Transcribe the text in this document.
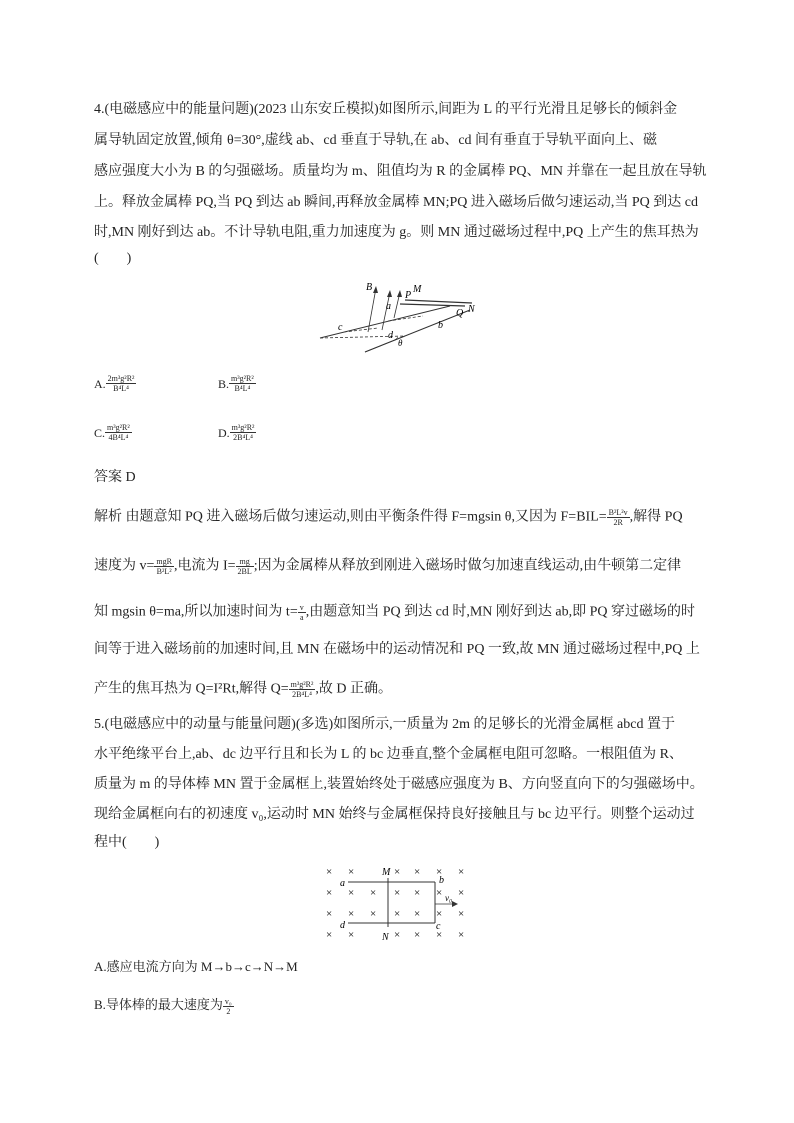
4.(电磁感应中的能量问题)(2023 山东安丘模拟)如图所示,间距为 L 的平行光滑且足够长的倾斜金
属导轨固定放置,倾角 θ=30°,虚线 ab、cd 垂直于导轨,在 ab、cd 间有垂直于导轨平面向上、磁
感应强度大小为 B 的匀强磁场。质量均为 m、阻值均为 R 的金属棒 PQ、MN 并靠在一起且放在导轨
上。释放金属棒 PQ,当 PQ 到达 ab 瞬间,再释放金属棒 MN;PQ 进入磁场后做匀速运动,当 PQ 到达 cd
时,MN 刚好到达 ab。不计导轨电阻,重力加速度为 g。则 MN 通过磁场过程中,PQ 上产生的焦耳热为
(　　)
B
P
M
Q N
a
b
c
d
θ
A. $\frac{\text{2m³g²R²}}{\text{B⁴L⁴}}$	B. $\frac{\text{m³g²R²}}{\text{B⁴L⁴}}$
C. $\frac{\text{m³g²R²}}{\text{4B⁴L⁴}}$	D. $\frac{\text{m³g²R²}}{\text{2B⁴L⁴}}$
答案 D
解析 由题意知 PQ 进入磁场后做匀速运动,则由平衡条件得 F=mgsin θ,又因为 $F=BIL= \frac{\text{B²L²v}}{2R}$ ,解得 PQ
速度为 $v= \frac{\text{mgR}}{\text{B²L²}}$ ,电流为 $I= \frac{mg}{2BL}$ ;因为金属棒从释放到刚进入磁场时做匀加速直线运动,由牛顿第二定律
知 mgsin θ=ma,所以加速时间为 $t= \frac{v}{a}$ ,由题意知当 PQ 到达 cd 时,MN 刚好到达 ab,即 PQ 穿过磁场的时
间等于进入磁场前的加速时间,且 MN 在磁场中的运动情况和 PQ 一致,故 MN 通过磁场过程中,PQ 上
产生的焦耳热为 Q=I²Rt,解得 $Q= \frac{\text{m³g²R²}}{\text{2B⁴L⁴}}$ ,故 D 正确。
5.(电磁感应中的动量与能量问题)(多选)如图所示,一质量为 2m 的足够长的光滑金属框 abcd 置于
水平绝缘平台上,ab、dc 边平行且和长为 L 的 bc 边垂直,整个金属框电阻可忽略。一根阻值为 R、
质量为 m 的导体棒 MN 置于金属框上,装置始终处于磁感应强度为 B、方向竖直向下的匀强磁场中。
现给金属框向右的初速度 v₀,运动时 MN 始终与金属框保持良好接触且与 bc 边平行。则整个运动过
程中(　　)
× ×	× × × ×
× × × × × × ×
× × × × × × ×
× ×	× × × ×
a	b
c
d
M
N
v₀
A.感应电流方向为 M→b→c→N→M
B.导体棒的最大速度为 $\frac{\text{v₀}}{2}$
